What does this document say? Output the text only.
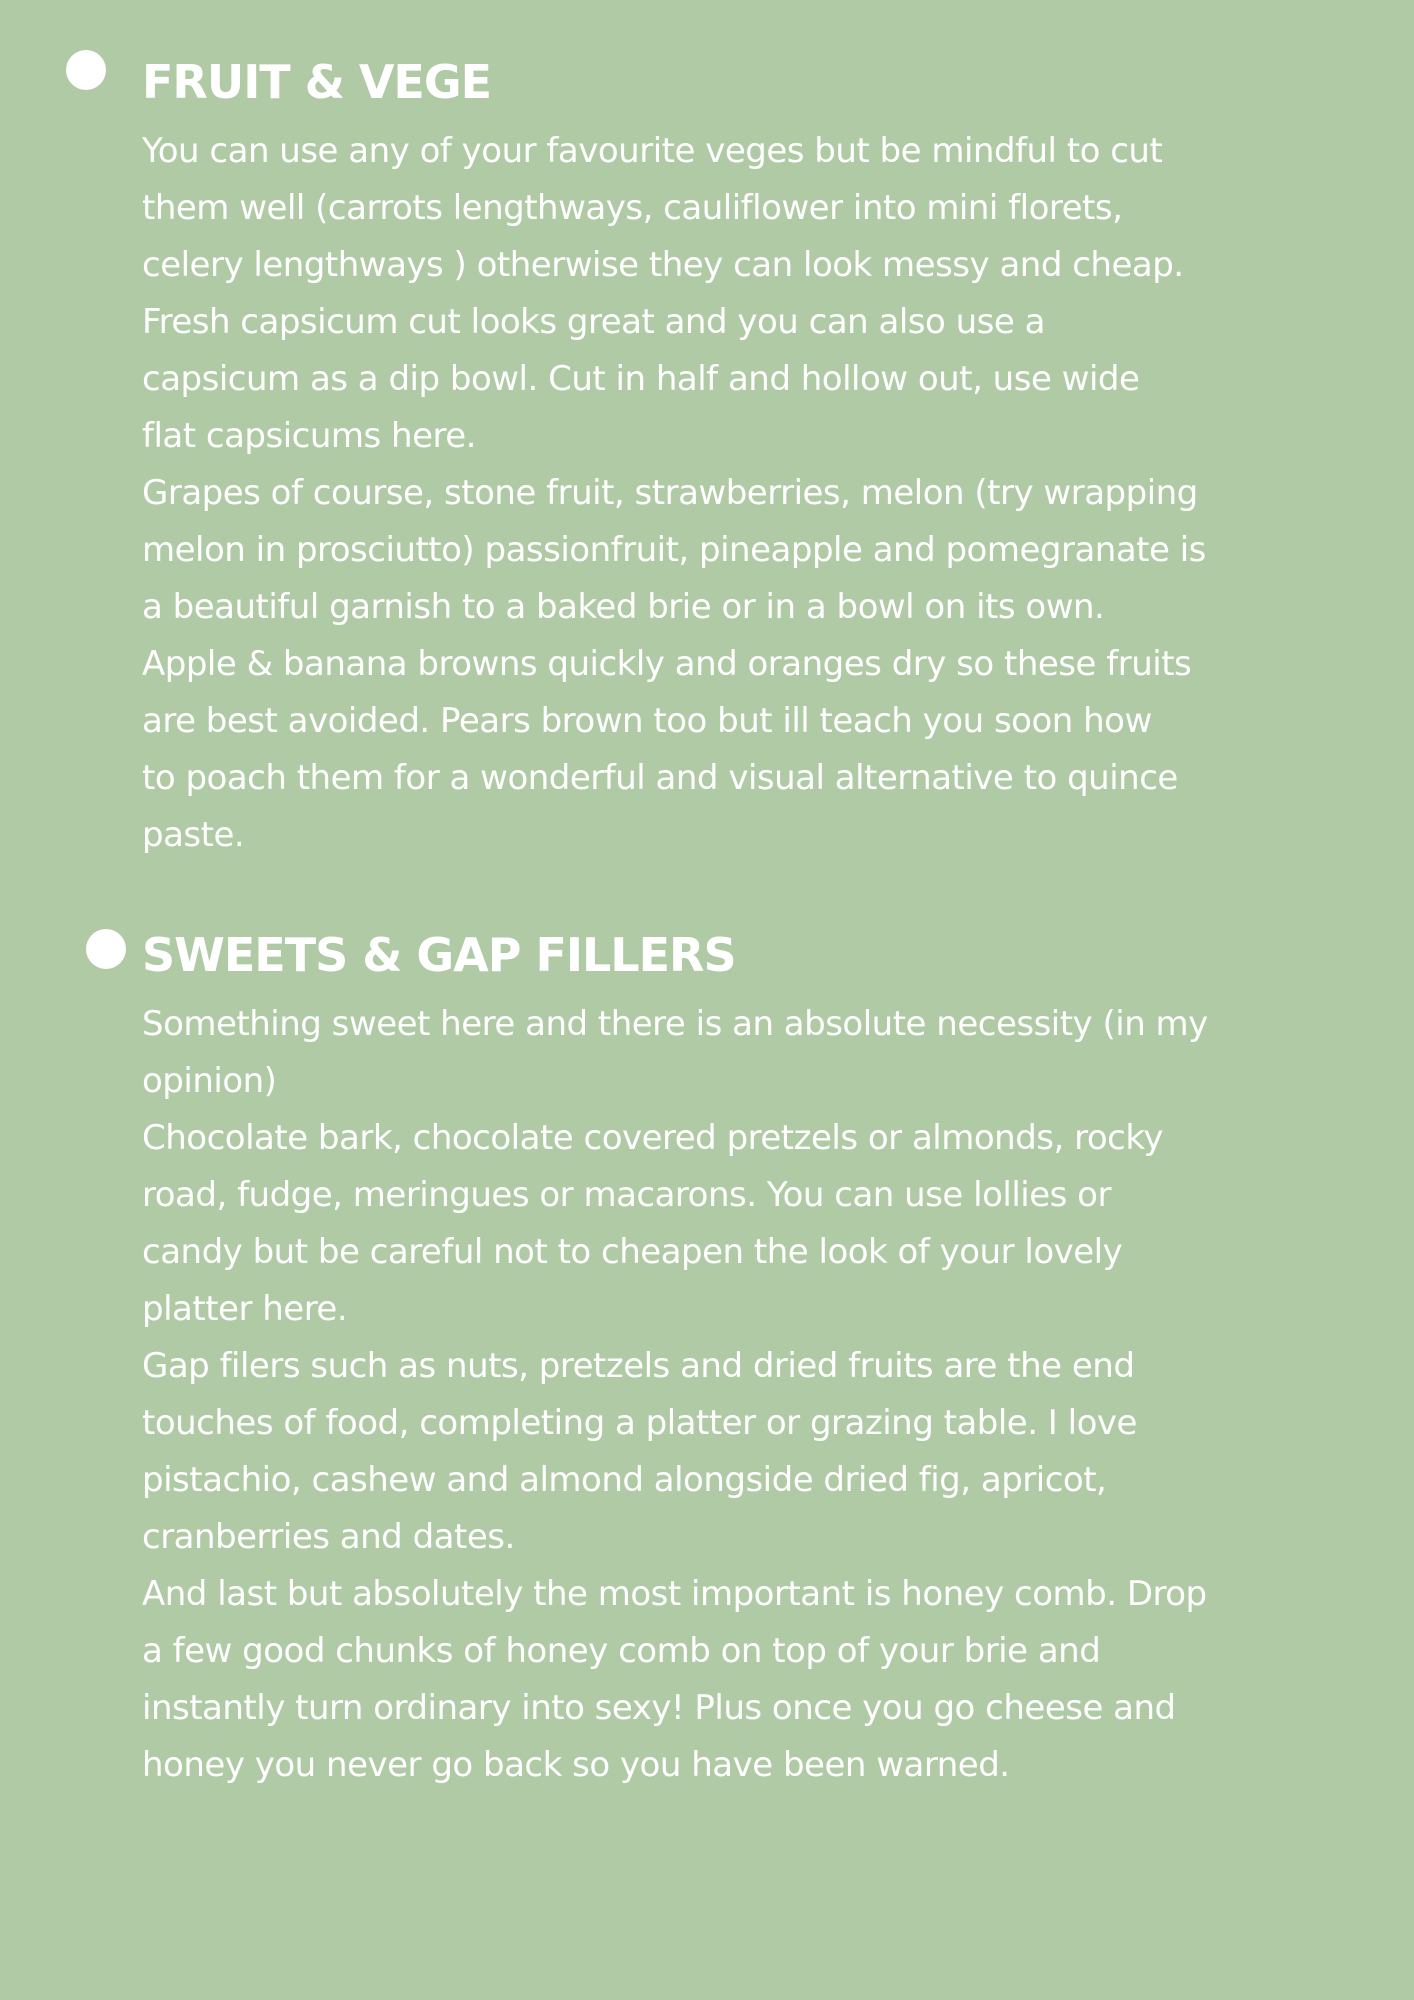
FRUIT & VEGE
You can use any of your favourite veges but be mindful to cut
them well (carrots lengthways, cauliflower into mini florets,
celery lengthways ) otherwise they can look messy and cheap.
Fresh capsicum cut looks great and you can also use a
capsicum as a dip bowl. Cut in half and hollow out, use wide
flat capsicums here.
Grapes of course, stone fruit, strawberries, melon (try wrapping
melon in prosciutto) passionfruit, pineapple and pomegranate is
a beautiful garnish to a baked brie or in a bowl on its own.
Apple & banana browns quickly and oranges dry so these fruits
are best avoided. Pears brown too but ill teach you soon how
to poach them for a wonderful and visual alternative to quince
paste.
SWEETS & GAP FILLERS
Something sweet here and there is an absolute necessity (in my
opinion)
Chocolate bark, chocolate covered pretzels or almonds, rocky
road, fudge, meringues or macarons. You can use lollies or
candy but be careful not to cheapen the look of your lovely
platter here.
Gap filers such as nuts, pretzels and dried fruits are the end
touches of food, completing a platter or grazing table. I love
pistachio, cashew and almond alongside dried fig, apricot,
cranberries and dates.
And last but absolutely the most important is honey comb. Drop
a few good chunks of honey comb on top of your brie and
instantly turn ordinary into sexy! Plus once you go cheese and
honey you never go back so you have been warned.
